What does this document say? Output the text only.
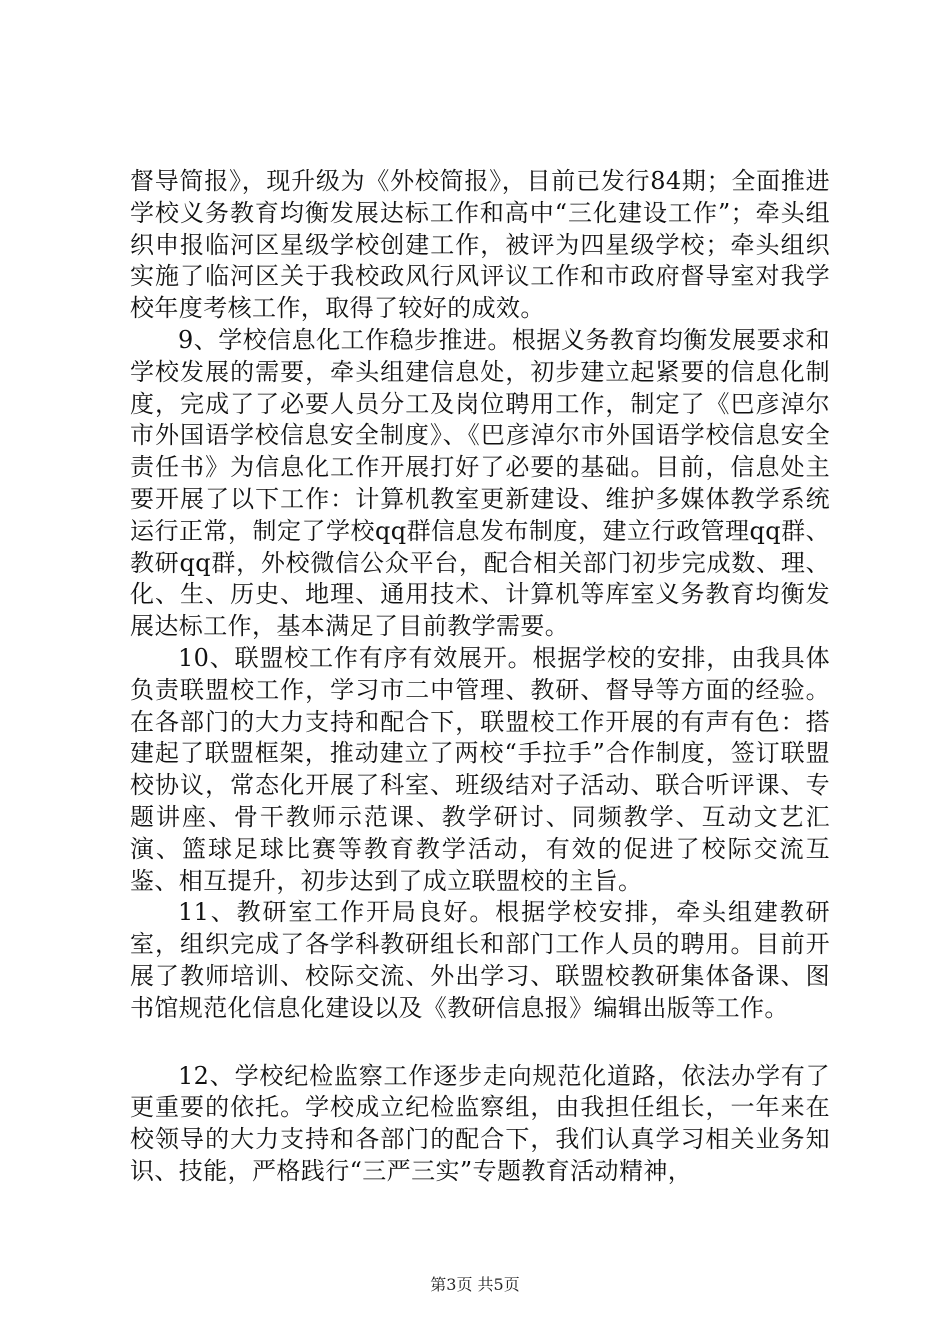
督导简报》，现升级为《外校简报》，目前已发行84期；全面推进学校义务教育均衡发展达标工作和高中“三化建设工作”；牵头组织申报临河区星级学校创建工作，被评为四星级学校；牵头组织实施了临河区关于我校政风行风评议工作和市政府督导室对我学校年度考核工作，取得了较好的成效。

9、学校信息化工作稳步推进。根据义务教育均衡发展要求和学校发展的需要，牵头组建信息处，初步建立起紧要的信息化制度，完成了了必要人员分工及岗位聘用工作，制定了《巴彦淖尔市外国语学校信息安全制度》、《巴彦淖尔市外国语学校信息安全责任书》为信息化工作开展打好了必要的基础。目前，信息处主要开展了以下工作：计算机教室更新建设、维护多媒体教学系统运行正常，制定了学校qq群信息发布制度，建立行政管理qq群、教研qq群，外校微信公众平台，配合相关部门初步完成数、理、化、生、历史、地理、通用技术、计算机等库室义务教育均衡发展达标工作，基本满足了目前教学需要。

10、联盟校工作有序有效展开。根据学校的安排，由我具体负责联盟校工作，学习市二中管理、教研、督导等方面的经验。在各部门的大力支持和配合下，联盟校工作开展的有声有色：搭建起了联盟框架，推动建立了两校“手拉手”合作制度，签订联盟校协议，常态化开展了科室、班级结对子活动、联合听评课、专题讲座、骨干教师示范课、教学研讨、同频教学、互动文艺汇演、篮球足球比赛等教育教学活动，有效的促进了校际交流互鉴、相互提升，初步达到了成立联盟校的主旨。

11、教研室工作开局良好。根据学校安排，牵头组建教研室，组织完成了各学科教研组长和部门工作人员的聘用。目前开展了教师培训、校际交流、外出学习、联盟校教研集体备课、图书馆规范化信息化建设以及《教研信息报》编辑出版等工作。

12、学校纪检监察工作逐步走向规范化道路，依法办学有了更重要的依托。学校成立纪检监察组，由我担任组长，一年来在校领导的大力支持和各部门的配合下，我们认真学习相关业务知识、技能，严格践行“三严三实”专题教育活动精神，

第3页 共5页
